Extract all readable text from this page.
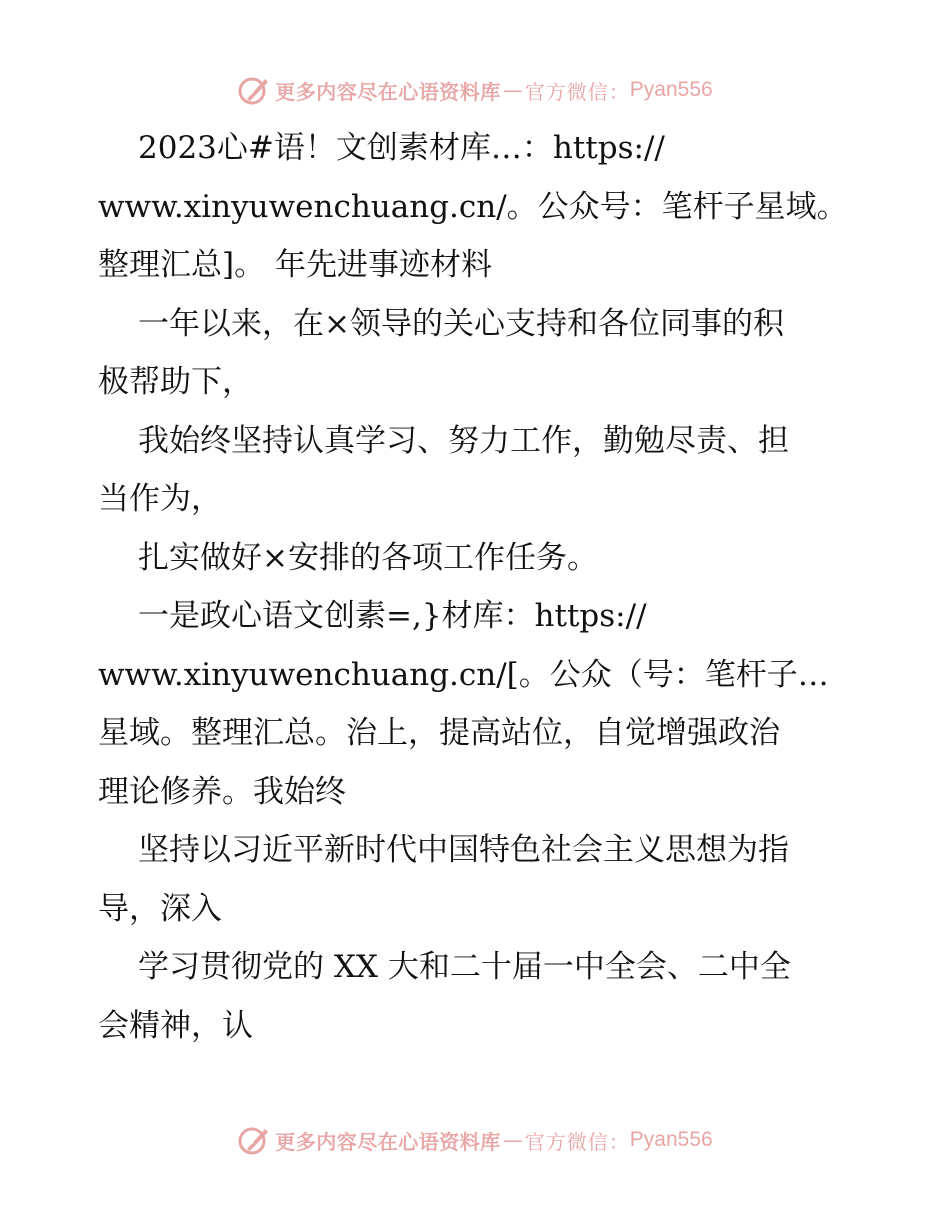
更多内容尽在心语资料库 — 官方微信： Pyan556

2023心#语！文创素材库…：https://
www.xinyuwenchuang.cn/。公众号：笔杆子星域。
整理汇总]。 年先进事迹材料

一年以来，在×领导的关心支持和各位同事的积
极帮助下，

我始终坚持认真学习、努力工作，勤勉尽责、担
当作为，

扎实做好×安排的各项工作任务。

一是政心语文创素=,}材库：https://
www.xinyuwenchuang.cn/[。公众（号：笔杆子…
星域。整理汇总。治上，提高站位，自觉增强政治
理论修养。我始终

坚持以习近平新时代中国特色社会主义思想为指
导，深入

学习贯彻党的 XX 大和二十届一中全会、二中全
会精神，认

更多内容尽在心语资料库 — 官方微信： Pyan556
